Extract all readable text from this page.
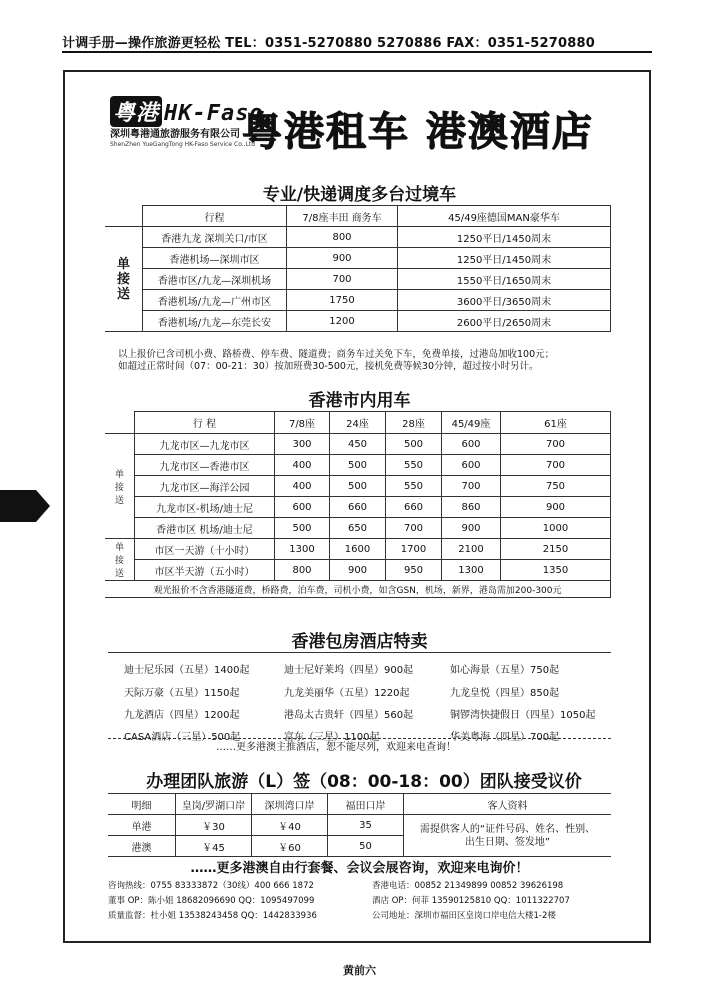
计调手册—操作旅游更轻松 TEL：0351-5270880 5270886 FAX：0351-5270880
粤港 HK-Faso
深圳粤港通旅游服务有限公司
ShenZhen YueGangTong HK-Faso Service Co.,Ltd
粤港租车 港澳酒店
专业/快递调度多台过境车
	行程	7/8座丰田 商务车	45/49座德国MAN豪华车
单接送	香港九龙 深圳关口/市区	800	1250平日/1450周末
	香港机场—深圳市区	900	1250平日/1450周末
	香港市区/九龙—深圳机场	700	1550平日/1650周末
	香港机场/九龙—广州市区	1750	3600平日/3650周末
	香港机场/九龙—东莞长安	1200	2600平日/2650周末
以上报价已含司机小费、路桥费、停车费、隧道费；商务车过关免下车，免费单接，过港岛加收100元；
如超过正常时间（07：00-21：30）按加班费30-500元，接机免费等候30分钟，超过按小时另计。
香港市内用车
	行 程	7/8座	24座	28座	45/49座	61座
单接送	九龙市区—九龙市区	300	450	500	600	700
	九龙市区—香港市区	400	500	550	600	700
	九龙市区—海洋公园	400	500	550	700	750
	九龙市区-机场/迪士尼	600	660	660	860	900
	香港市区 机场/迪士尼	500	650	700	900	1000
单接送	市区一天游（十小时）	1300	1600	1700	2100	2150
	市区半天游（五小时）	800	900	950	1300	1350
观光报价不含香港隧道费，桥路费，泊车费，司机小费，如含GSN，机场，新界，港岛需加200-300元						
香港包房酒店特卖
迪士尼乐园（五星）1400起	迪士尼好莱坞（四星）900起	如心海景（五星）750起
天际万豪（五星）1150起	九龙美丽华（五星）1220起	九龙皇悦（四星）850起
九龙酒店（四星）1200起	港岛太古贵轩（四星）560起	铜锣湾快捷假日（四星）1050起
CASA酒店（三星）500起	富东（三星）1100起	华美粤海（四星）700起
……更多港澳主推酒店，恕不能尽列，欢迎来电查询！
办理团队旅游（L）签（08：00-18：00）团队接受议价
明细	皇岗/罗湖口岸	深圳湾口岸	福田口岸	客人资料
单港	￥30	￥40	35	需提供客人的“证件号码、姓名、性别、出生日期、签发地”
港澳	￥45	￥60	50	
……更多港澳自由行套餐、会议会展咨询，欢迎来电询价！
咨询热线：0755 83333872（30线）400 666 1872	香港电话：00852 21349899 00852 39626198
董事 OP：陈小姐 18682096690 QQ：1095497099	酒店 OP：何菲 13590125810 QQ：1011322707
质量监督：杜小姐 13538243458 QQ：1442833936	公司地址：深圳市福田区皇岗口岸电信大楼1-2楼
黄前六
